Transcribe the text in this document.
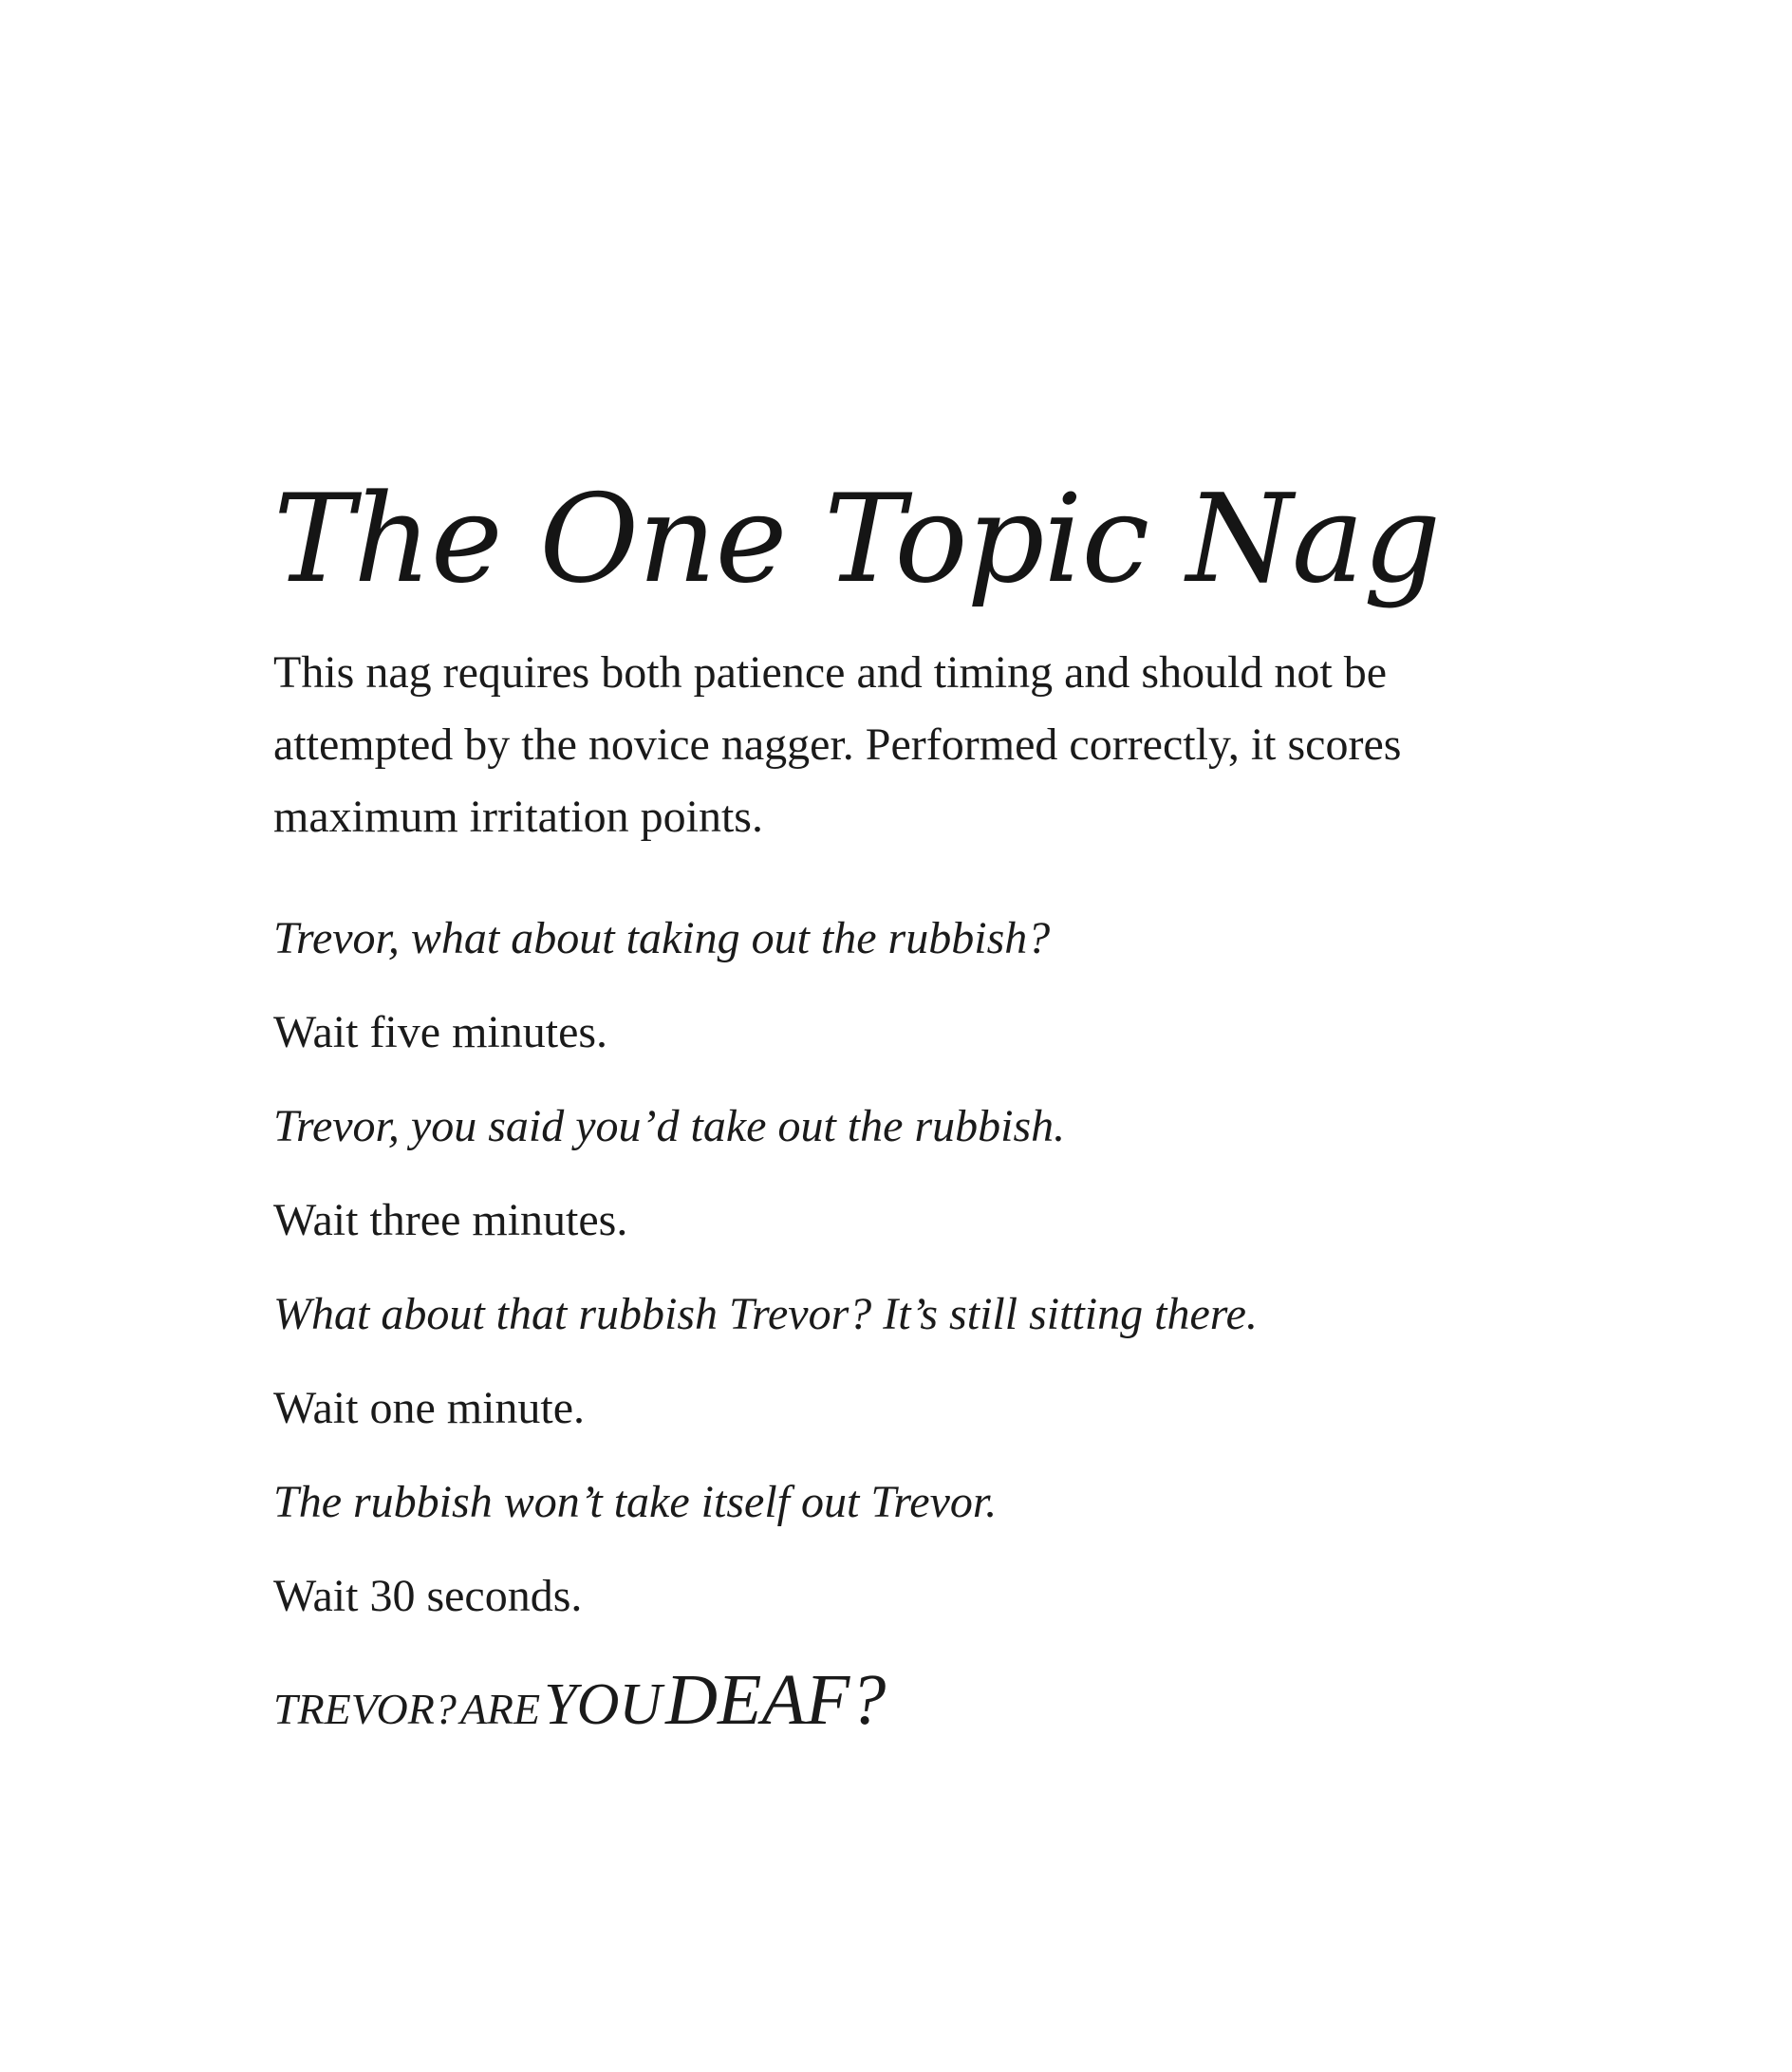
The One Topic Nag

This nag requires both patience and timing and should not be attempted by the novice nagger. Performed correctly, it scores maximum irritation points.

Trevor, what about taking out the rubbish?

Wait five minutes.

Trevor, you said you’d take out the rubbish.

Wait three minutes.

What about that rubbish Trevor? It’s still sitting there.

Wait one minute.

The rubbish won’t take itself out Trevor.

Wait 30 seconds.

TREVOR? ARE YOU DEAF?
